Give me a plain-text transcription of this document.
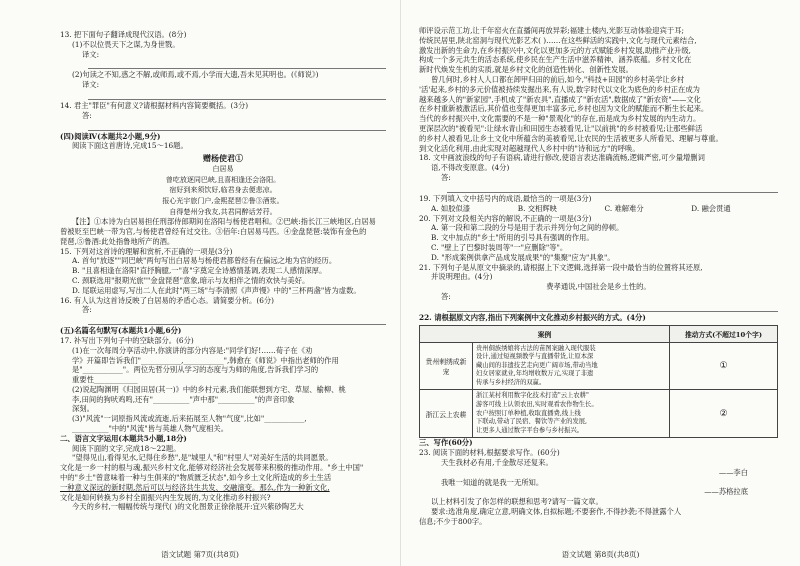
13. 把下面句子翻译成现代汉语。(8分)
(1)不以位畏天下之谋,为身世戮。
译文:
(2)句读之不知,惑之不解,或师焉,或不焉,小学而大遗,吾未见其明也。(《师说》)
译文:
14. 君主"罪臣"有何意义?请根据材料内容简要概括。(3分)
答:
(四)阅读Ⅳ(本题共2小题,9分)
阅读下面这首唐诗,完成15～16题。
赠杨使君①
白居易
曾吃放逐同巴峡,且喜相逢还会洛阳。
宿好到来须饮好,临君身去便悲凉。
报心光宇旅门户,金熙琵琶②鲁③酒浆。
自得楚州分我友,共君同醉话芳荇。
【注】①本诗为白居易担任刑部侍郎期间在洛阳与杨使君唱和。②巴峡:指长江三峡地区,白居易
曾被贬至巴峡一带为官,与杨使君曾经有过交往。③佰年:白居易马匹。④金盘琵琶:装饰有金色的
琵琶,⑤鲁酒:此处指鲁地所产的酒。
15. 下列对这首诗的理解和赏析,不正确的一项是(3分)
A. 首句"放逐""同巴峡"两句写出白居易与杨使君都曾经有在偏远之地为官的经历。
B. "且喜相逢在洛阳"直抒胸臆,一"喜"字奠定全诗感情基调,表现二人感情深厚。
C. 颈联选用"报期光旅""金盘琵琶"意象,暗示与友相伴之情的欢快与美好。
D. 尾联运用虚写,写出二人在此时"两三场"与李清照《声声慢》中的"三杯两盏"皆为虚数。
16. 有人认为这首诗反映了白居易的矛盾心态。请简要分析。(6分)
答:
(五)名篇名句默写(本题共1小题,6分)
17. 补写出下列句子中的空缺部分。(6分)
(1)在一次每周分享活动中,你演讲的部分内容是:"同学们好!……荀子在《劝
学》开篇即告诉我们"___________,___________",韩愈在《师说》中指出老师的作用
是"___________"。两位先哲分别从学习的态度与为师的角度,告诉我们学习的
重要性____________
(2)说起陶渊明《归园田居(其一)》中的乡村元素,我们能联想到方宅、草屋、榆柳、桃
李,田间的狗吠鸡鸣,还有"__________"声中那"__________"的声音印象
深刻。
(3)"风流"一词原指风流或流逝,后来拓展至人物"气度",比如"___________,
__________"中的"风流"皆与英雄人物气度相关。
二、语言文字运用(本题共5小题,18分)
阅读下面的文字,完成18～22题。
"望得见山,看得见水,记得住乡愁",是"城里人"和"村里人"对美好生活的共同愿景。
文化是一乡一村的根与魂,振兴乡村文化,能够对经济社会发展带来积极的推动作用。"乡土中国"
中的"乡土"曾意味着一种与生俱来的"物质匮乏状态",如今乡土文化所造成的乡土生活
一种意义深远的新时期,然后可以与经济共生共发、交融演变。那么,作为一种新文化,
文化是如何转换为乡村全面振兴内生发展的,为文化推动乡村振兴?
今天的乡村,一幅幅传统与现代( )的文化图景正徐徐展开:宜兴紫砂陶艺大
语文试题 第7页(共8页)
师评设示范工坊,让千年窑火在直播间再放异彩;福建土楼内,光影互动体验迎宾于耳;
传统民居里,陕北窑洞与现代光影艺术( )……在这些鲜活的实践中,文化与现代元素结合,
激发出新的生命力,在乡村振兴中,文化以更加多元的方式赋能乡村发展,助推产业升级,
构成一个多元共生的活态系统,使乡民在生产生活中滋养精神、涵养底蕴。乡村文化在
新时代焕发生机的实质,就是乡村文化的创造性转化、创新性发展。
曾几何时,乡村人人口都在卸甲归田的前后,如今,"科技+田园"的乡村美学让乡村
'活'起来,乡村的多元价值被持续发掘出来,有人说,数字时代以文化为底色的乡村正在成为
越来越多人的"新家园",手机成了"新农具",直播成了"新农活",数据成了"新农资"——文化
在乡村重新被激活后,其价值也变得更加丰富多元,乡村也因为文化的赋能而不断生长起来。
当代的乡村振兴中,文化需要的不是一种"景观化"的存在,而是成为乡村发展的内生动力。
更深层次的"被看见":让绿水青山和田园生态被看见,让"以前挑"的乡村被看见;让那些鲜活
的乡村人被看见,让乡土文化中所蕴含的美被看见,让农民的生活被更多人所看见、理解与尊重。
到文化活化利用,由此实现对超越现代人乡村中的"诗和远方"的呼唤。
18. 文中画波浪线的句子有语病,请进行修改,使语言表达准确流畅,逻辑严密,可少量增删词
语,不得改变原意。(4分)
答:
19. 下列填入文中括号内的成语,最恰当的一项是(3分)
A. 如胶似漆	B. 交相辉映	C. 难解难分	D. 融会贯通
20. 下列对文段相关内容的解说,不正确的一项是(3分)
A. 第一段和第二段的分号是用于表示并列分句之间的停顿。
B. 文中加点的"乡土"所用的引号具有强调的作用。
C. "壁上了巴黎时装周等"一"应删除"等"。
D. "形成案例供拿产品成发展成果"的"集聚"应为"具象"。
21. 下列句子是从原文中摘录的,请根据上下文逻辑,选择第一段中最恰当的位置将其还原,
并说明理由。(4分)
费孝通说,中国社会是乡土性的。
答:
22. 请根据原文内容,指出下列案例中文化推动乡村振兴的方式。(4分)
案例		推动方式(不超过10个字)
贵州剌绣成新宠	贵州侗族绣娘将古法的苗图案融入现代服装
设计,通过短视频教学与直播带货,让原本深
藏山间的非遗技艺走向更广阔市场,带动当地
妇女居家就业,年均增收数万元,实现了非遗
传承与乡村经济的双赢。	①
浙江云上农耕	浙江某村利用数字化技术打造"云上农耕"
游客可线上认领农田,实时观看农作物生长。
农户按照订单种植,收取直播费,线上线
下联动,带动了民宿、餐饮等产业的发展,
让更多人通过数字平台参与乡村振兴。	②
三、写作(60分)
23. 阅读下面的材料,根据要求写作。(60分)
天生我材必有用,千金散尽还复来。
——李白
我唯一知道的就是我一无所知。
——苏格拉底
以上材料引发了你怎样的联想和思考?请写一篇文章。
要求:选准角度,确定立意,明确文体,自拟标题;不要套作,不得抄袭;不得泄露个人
信息;不少于800字。
语文试题 第8页(共8页)
